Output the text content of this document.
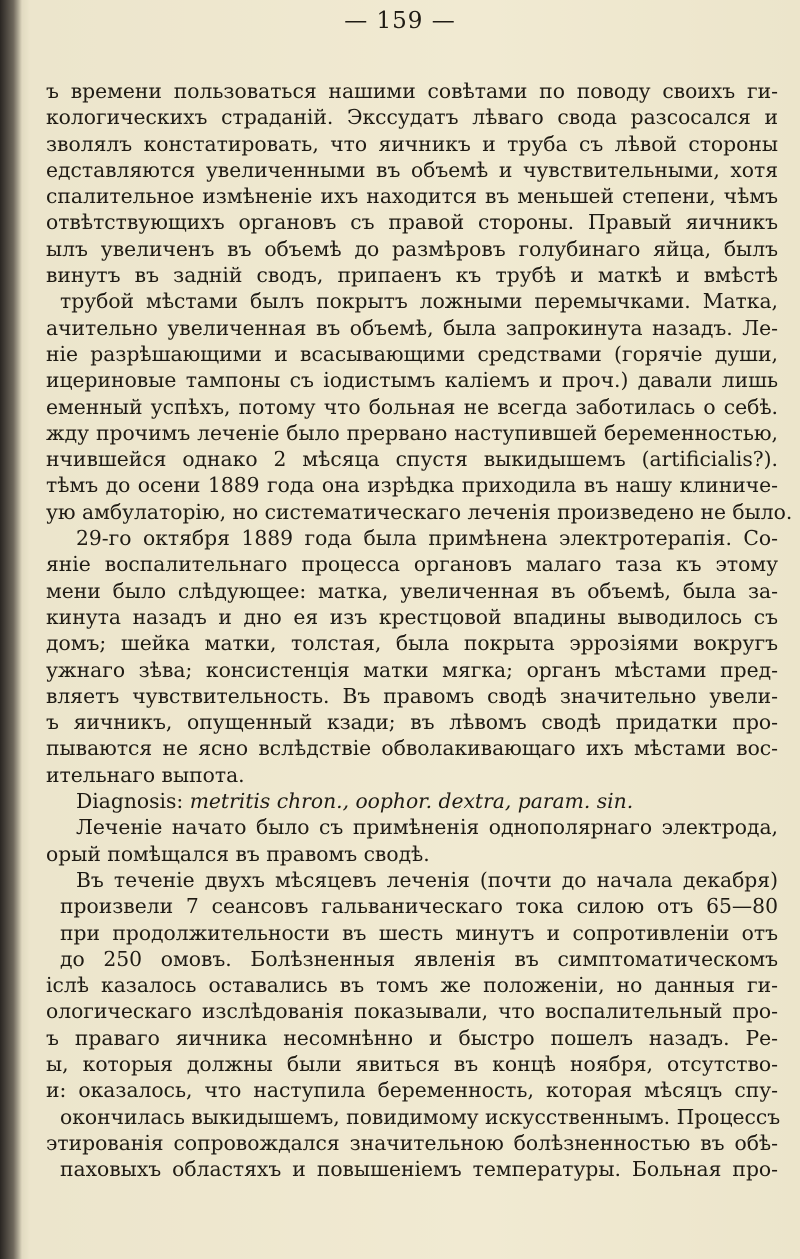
— 159 —
ъ времени пользоваться нашими совѣтами по поводу своихъ ги-
кологическихъ страданій. Экссудатъ лѣваго свода разсосался и
зволялъ констатировать, что яичникъ и труба съ лѣвой стороны
едставляются увеличенными въ объемѣ и чувствительными, хотя
спалительное измѣненіе ихъ находится въ меньшей степени, чѣмъ
отвѣтствующихъ органовъ съ правой стороны. Правый яичникъ
ылъ увеличенъ въ объемѣ до размѣровъ голубинаго яйца, былъ
винутъ въ задній сводъ, припаенъ къ трубѣ и маткѣ и вмѣстѣ
трубой мѣстами былъ покрытъ ложными перемычками. Матка,
ачительно увеличенная въ объемѣ, была запрокинута назадъ. Ле-
ніе разрѣшающими и всасывающими средствами (горячіе души,
ицериновые тампоны съ іодистымъ каліемъ и проч.) давали лишь
еменный успѣхъ, потому что больная не всегда заботилась о себѣ.
жду прочимъ леченіе было прервано наступившей беременностью,
нчившейся однако 2 мѣсяца спустя выкидышемъ (artificialis?).
тѣмъ до осени 1889 года она изрѣдка приходила въ нашу клиниче-
ую амбулаторію, но систематическаго леченія произведено не было.
29-го октября 1889 года была примѣнена электротерапія. Со-
яніе воспалительнаго процесса органовъ малаго таза къ этому
мени было слѣдующее: матка, увеличенная въ объемѣ, была за-
кинута назадъ и дно ея изъ крестцовой впадины выводилось съ
домъ; шейка матки, толстая, была покрыта эррозіями вокругъ
ужнаго зѣва; консистенція матки мягка; органъ мѣстами пред-
вляетъ чувствительность. Въ правомъ сводѣ значительно увели-
ъ яичникъ, опущенный кзади; въ лѣвомъ сводѣ придатки про-
пываются не ясно вслѣдствіе обволакивающаго ихъ мѣстами вос-
ительнаго выпота.
Diagnosis: metritis chron., oophor. dextra, param. sin.
Леченіе начато было съ примѣненія однополярнаго электрода,
орый помѣщался въ правомъ сводѣ.
Въ теченіе двухъ мѣсяцевъ леченія (почти до начала декабря)
произвели 7 сеансовъ гальваническаго тока силою отъ 65—80
при продолжительности въ шесть минутъ и сопротивленіи отъ
до 250 омовъ. Болѣзненныя явленія въ симптоматическомъ
іслѣ казалось оставались въ томъ же положеніи, но данныя ги-
ологическаго изслѣдованія показывали, что воспалительный про-
ъ праваго яичника несомнѣнно и быстро пошелъ назадъ. Ре-
ы, которыя должны были явиться въ концѣ ноября, отсутство-
и: оказалось, что наступила беременность, которая мѣсяцъ спу-
окончилась выкидышемъ, повидимому искусственнымъ. Процессъ
этированія сопровождался значительною болѣзненностью въ обѣ-
паховыхъ областяхъ и повышеніемъ температуры. Больная про-
